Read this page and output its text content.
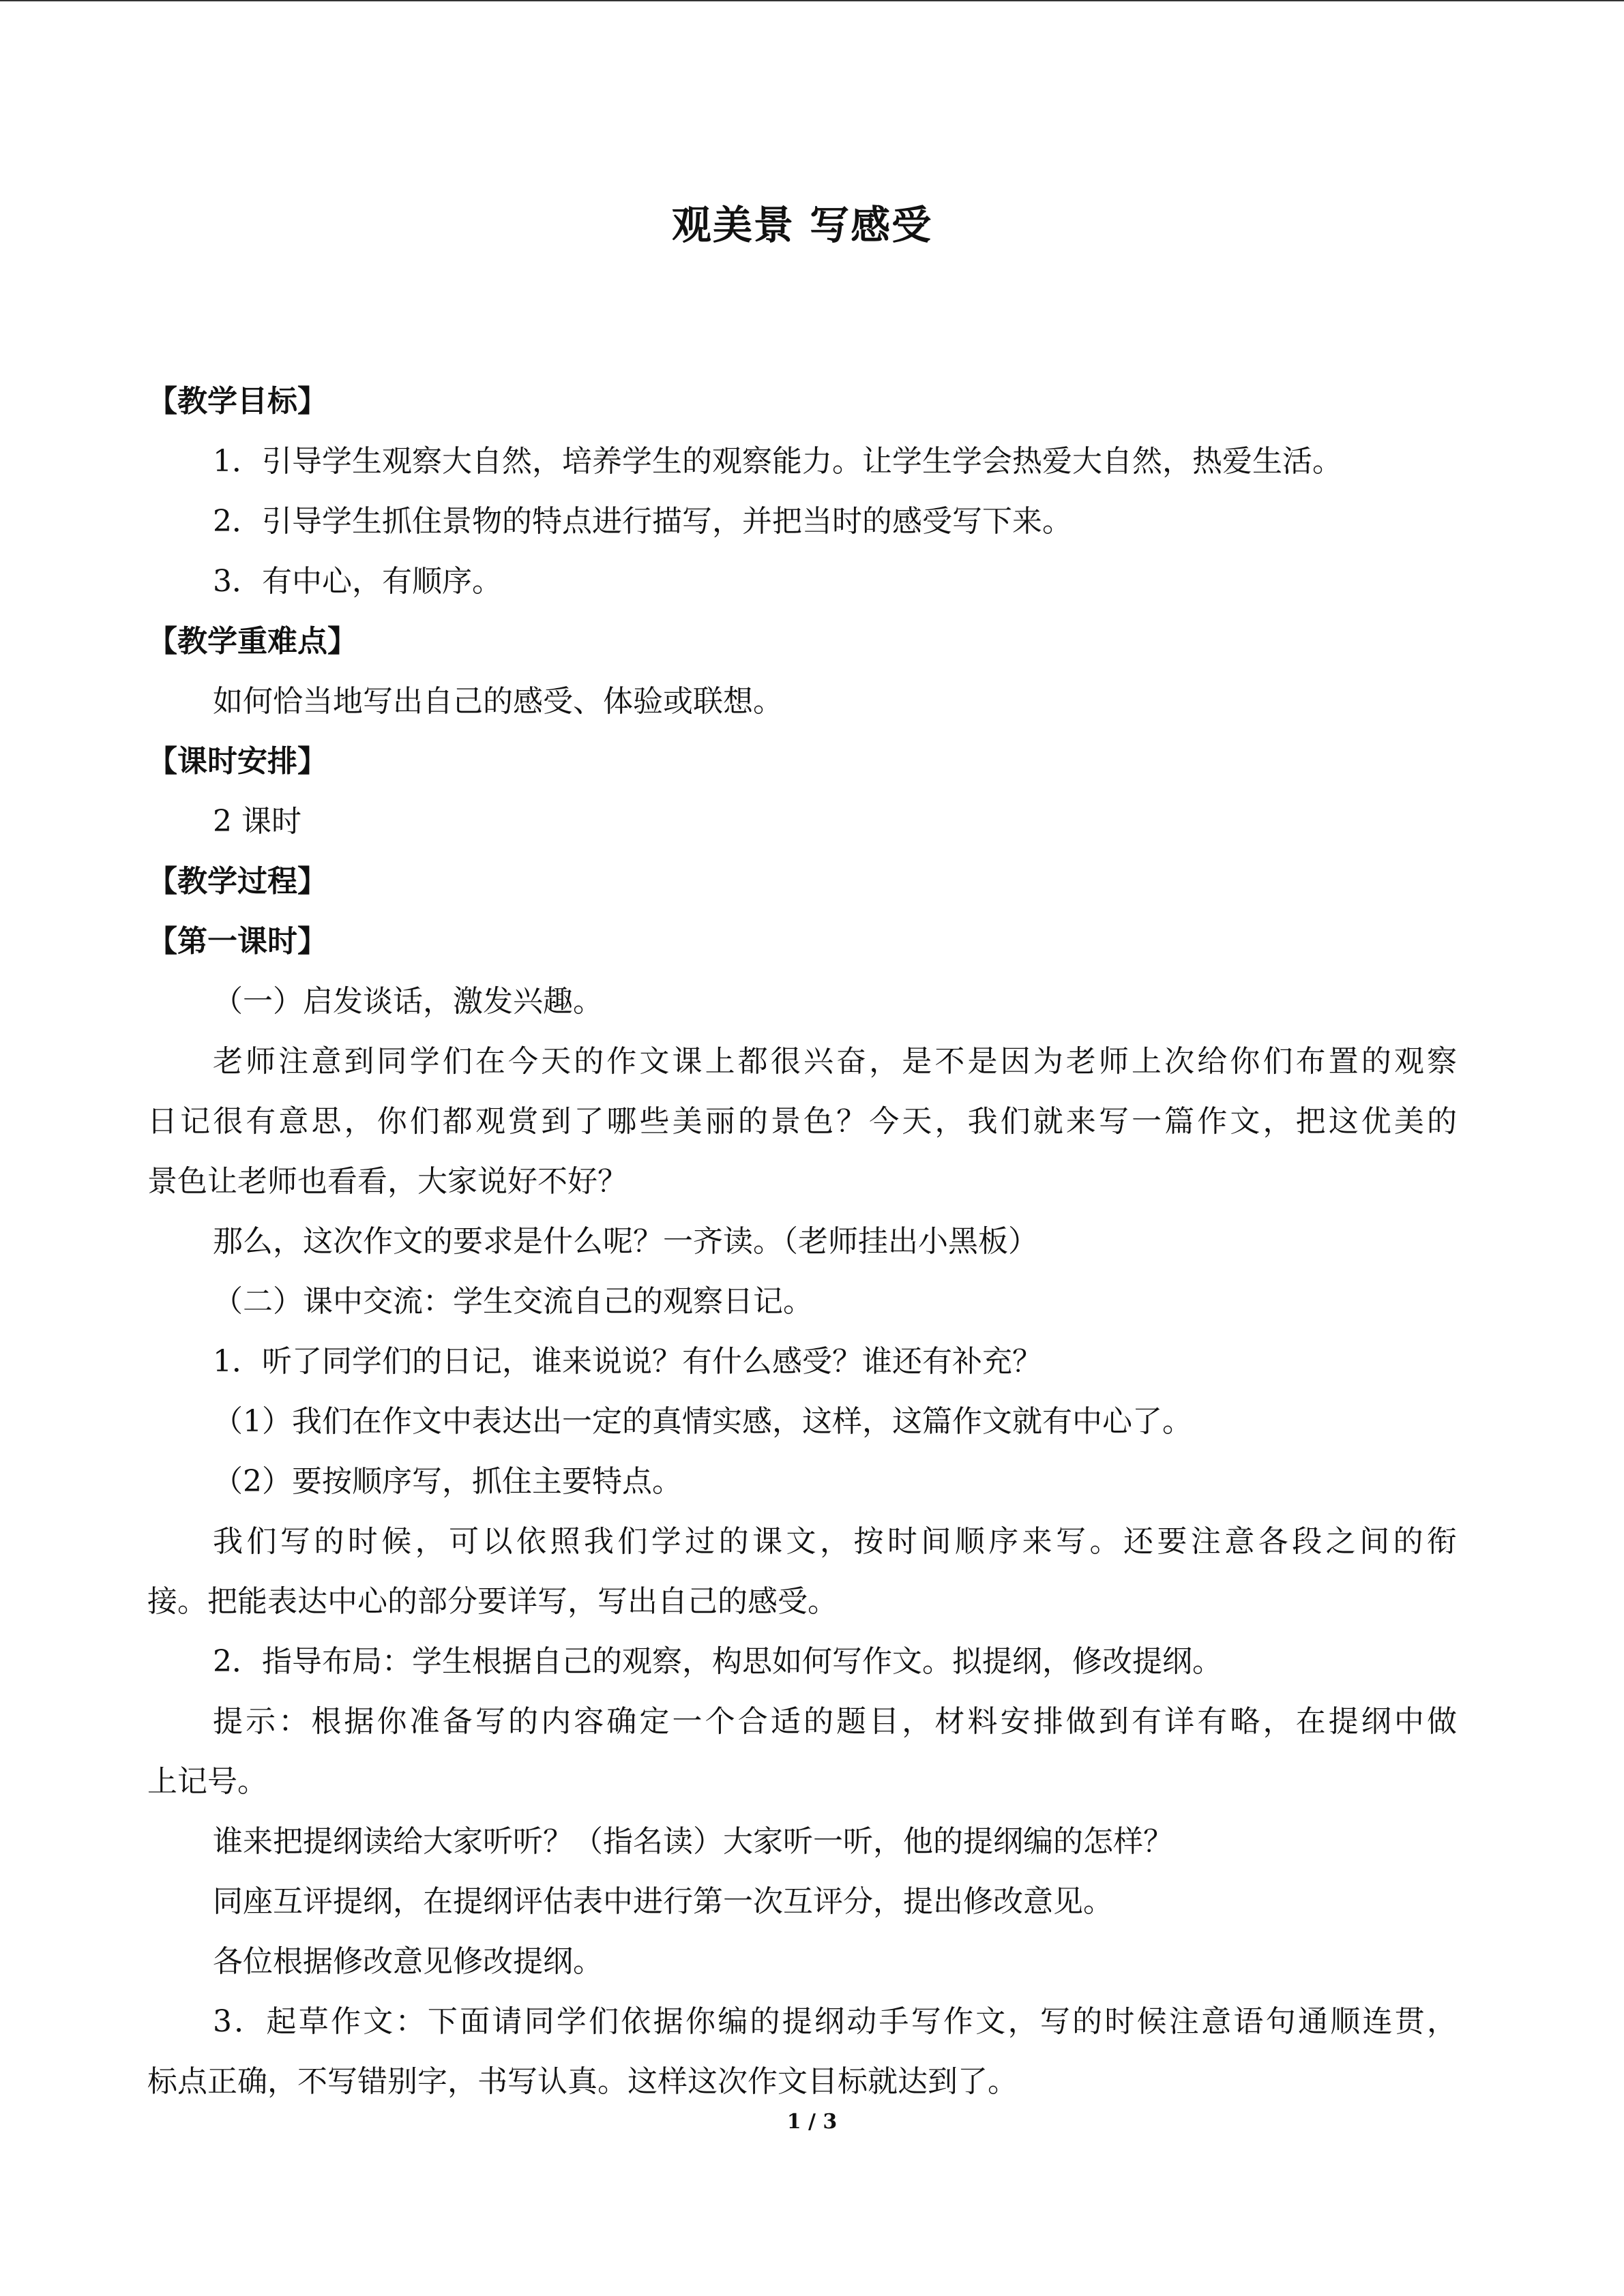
观美景 写感受

【教学目标】

1．引导学生观察大自然，培养学生的观察能力。让学生学会热爱大自然，热爱生活。

2．引导学生抓住景物的特点进行描写，并把当时的感受写下来。

3．有中心，有顺序。

【教学重难点】

如何恰当地写出自己的感受、体验或联想。

【课时安排】

2 课时

【教学过程】

【第一课时】

（一）启发谈话，激发兴趣。

老师注意到同学们在今天的作文课上都很兴奋，是不是因为老师上次给你们布置的观察

日记很有意思，你们都观赏到了哪些美丽的景色？今天，我们就来写一篇作文，把这优美的

景色让老师也看看，大家说好不好？

那么，这次作文的要求是什么呢？一齐读。（老师挂出小黑板）

（二）课中交流：学生交流自己的观察日记。

1．听了同学们的日记，谁来说说？有什么感受？谁还有补充？

（1）我们在作文中表达出一定的真情实感，这样，这篇作文就有中心了。

（2）要按顺序写，抓住主要特点。

我们写的时候，可以依照我们学过的课文，按时间顺序来写。还要注意各段之间的衔

接。把能表达中心的部分要详写，写出自己的感受。

2．指导布局：学生根据自己的观察，构思如何写作文。拟提纲，修改提纲。

提示：根据你准备写的内容确定一个合适的题目，材料安排做到有详有略，在提纲中做

上记号。

谁来把提纲读给大家听听？（指名读）大家听一听，他的提纲编的怎样？

同座互评提纲，在提纲评估表中进行第一次互评分，提出修改意见。

各位根据修改意见修改提纲。

3．起草作文：下面请同学们依据你编的提纲动手写作文，写的时候注意语句通顺连贯，

标点正确，不写错别字，书写认真。这样这次作文目标就达到了。

1 / 3
